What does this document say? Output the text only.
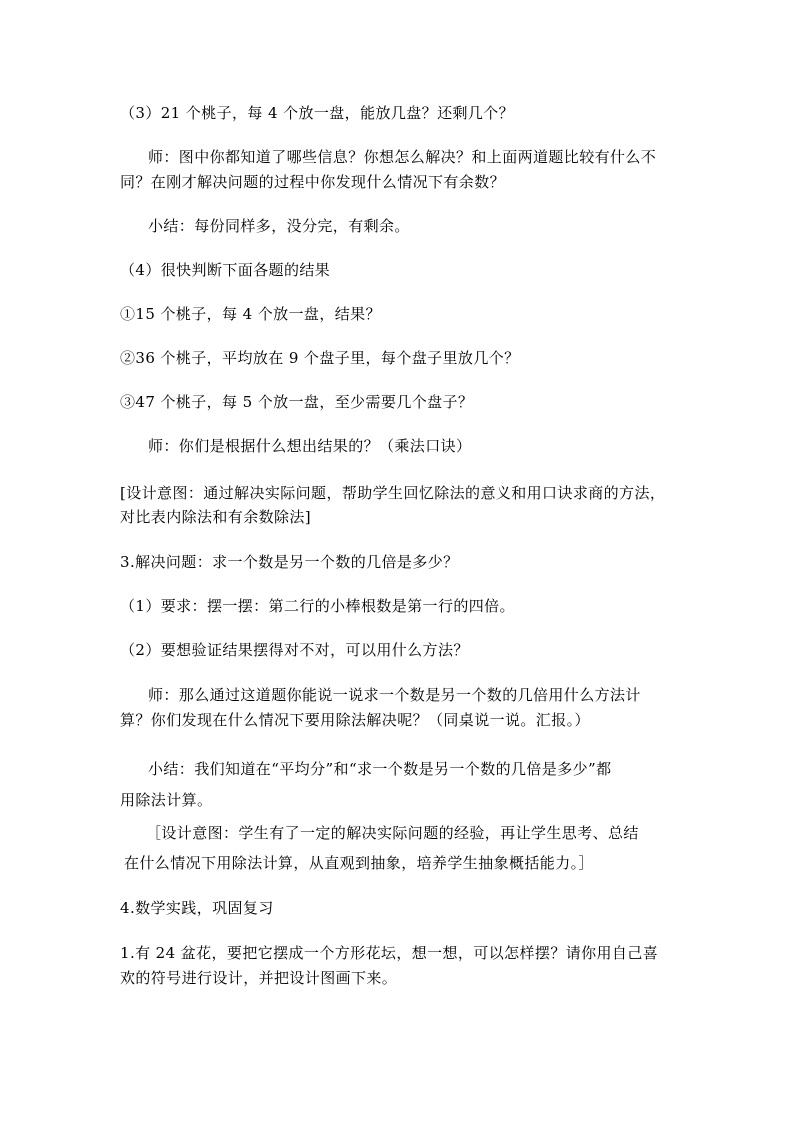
（3）21 个桃子，每 4 个放一盘，能放几盘？还剩几个？
师：图中你都知道了哪些信息？你想怎么解决？和上面两道题比较有什么不
同？在刚才解决问题的过程中你发现什么情况下有余数？
小结：每份同样多，没分完，有剩余。
（4）很快判断下面各题的结果
①15 个桃子，每 4 个放一盘，结果？
②36 个桃子，平均放在 9 个盘子里，每个盘子里放几个？
③47 个桃子，每 5 个放一盘，至少需要几个盘子？
师：你们是根据什么想出结果的？（乘法口诀）
[设计意图：通过解决实际问题，帮助学生回忆除法的意义和用口诀求商的方法，
对比表内除法和有余数除法]
3.解决问题：求一个数是另一个数的几倍是多少？
（1）要求：摆一摆：第二行的小棒根数是第一行的四倍。
（2）要想验证结果摆得对不对，可以用什么方法？
师：那么通过这道题你能说一说求一个数是另一个数的几倍用什么方法计
算？你们发现在什么情况下要用除法解决呢？（同桌说一说。汇报。）
小结：我们知道在“平均分”和“求一个数是另一个数的几倍是多少”都
用除法计算。
［设计意图：学生有了一定的解决实际问题的经验，再让学生思考、总结
在什么情况下用除法计算，从直观到抽象，培养学生抽象概括能力。］
4.数学实践，巩固复习
1.有 24 盆花，要把它摆成一个方形花坛，想一想，可以怎样摆？请你用自己喜
欢的符号进行设计，并把设计图画下来。
